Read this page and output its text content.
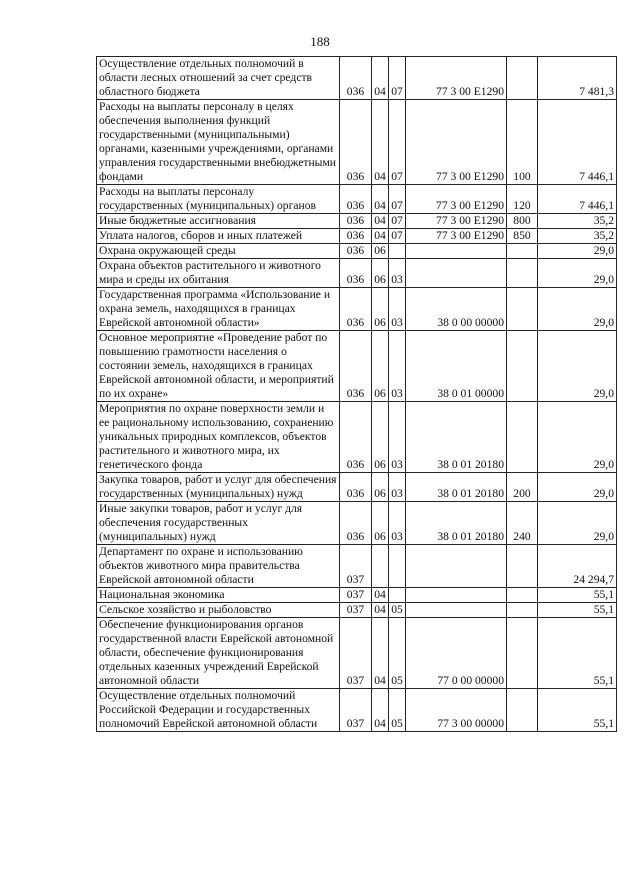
188
Осуществление отдельных полномочий в области лесных отношений за счет средств областного бюджета	036	04	07	77 3 00 E1290		7 481,3
Расходы на выплаты персоналу в целях обеспечения выполнения функций государственными (муниципальными) органами, казенными учреждениями, органами управления государственными внебюджетными фондами	036	04	07	77 3 00 E1290	100	7 446,1
Расходы на выплаты персоналу государственных (муниципальных) органов	036	04	07	77 3 00 E1290	120	7 446,1
Иные бюджетные ассигнования	036	04	07	77 3 00 E1290	800	35,2
Уплата налогов, сборов и иных платежей	036	04	07	77 3 00 E1290	850	35,2
Охрана окружающей среды	036	06				29,0
Охрана объектов растительного и животного мира и среды их обитания	036	06	03			29,0
Государственная программа «Использование и охрана земель, находящихся в границах Еврейской автономной области»	036	06	03	38 0 00 00000		29,0
Основное мероприятие «Проведение работ по повышению грамотности населения о состоянии земель, находящихся в границах Еврейской автономной области, и мероприятий по их охране»	036	06	03	38 0 01 00000		29,0
Мероприятия по охране поверхности земли и ее рациональному использованию, сохранению уникальных природных комплексов, объектов растительного и животного мира, их генетического фонда	036	06	03	38 0 01 20180		29,0
Закупка товаров, работ и услуг для обеспечения государственных (муниципальных) нужд	036	06	03	38 0 01 20180	200	29,0
Иные закупки товаров, работ и услуг для обеспечения государственных (муниципальных) нужд	036	06	03	38 0 01 20180	240	29,0
Департамент по охране и использованию объектов животного мира правительства Еврейской автономной области	037					24 294,7
Национальная экономика	037	04				55,1
Сельское хозяйство и рыболовство	037	04	05			55,1
Обеспечение функционирования органов государственной власти Еврейской автономной области, обеспечение функционирования отдельных казенных учреждений Еврейской автономной области	037	04	05	77 0 00 00000		55,1
Осуществление отдельных полномочий Российской Федерации и государственных полномочий Еврейской автономной области	037	04	05	77 3 00 00000		55,1
